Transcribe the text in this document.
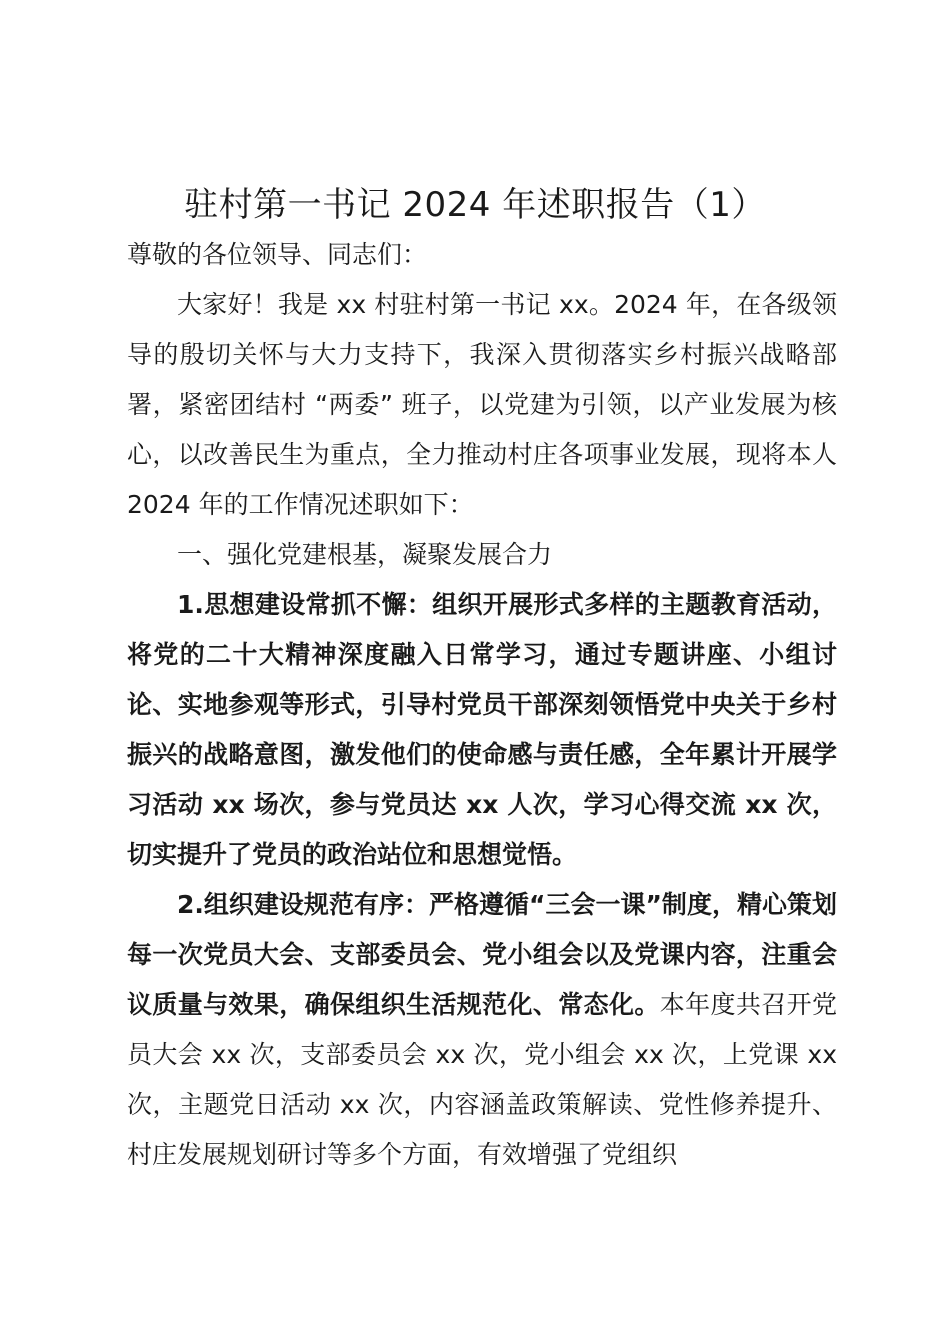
驻村第一书记 2024 年述职报告（1）

尊敬的各位领导、同志们：

大家好！我是 xx 村驻村第一书记 xx。2024 年，在各级领导的殷切关怀与大力支持下，我深入贯彻落实乡村振兴战略部署，紧密团结村 “两委” 班子，以党建为引领，以产业发展为核心，以改善民生为重点，全力推动村庄各项事业发展，现将本人 2024 年的工作情况述职如下：

一、强化党建根基，凝聚发展合力

1.思想建设常抓不懈：组织开展形式多样的主题教育活动，将党的二十大精神深度融入日常学习，通过专题讲座、小组讨论、实地参观等形式，引导村党员干部深刻领悟党中央关于乡村振兴的战略意图，激发他们的使命感与责任感，全年累计开展学习活动 xx 场次，参与党员达 xx 人次，学习心得交流 xx 次，切实提升了党员的政治站位和思想觉悟。

2.组织建设规范有序：严格遵循“三会一课”制度，精心策划每一次党员大会、支部委员会、党小组会以及党课内容，注重会议质量与效果，确保组织生活规范化、常态化。本年度共召开党员大会 xx 次，支部委员会 xx 次，党小组会 xx 次，上党课 xx 次，主题党日活动 xx 次，内容涵盖政策解读、党性修养提升、村庄发展规划研讨等多个方面，有效增强了党组织
